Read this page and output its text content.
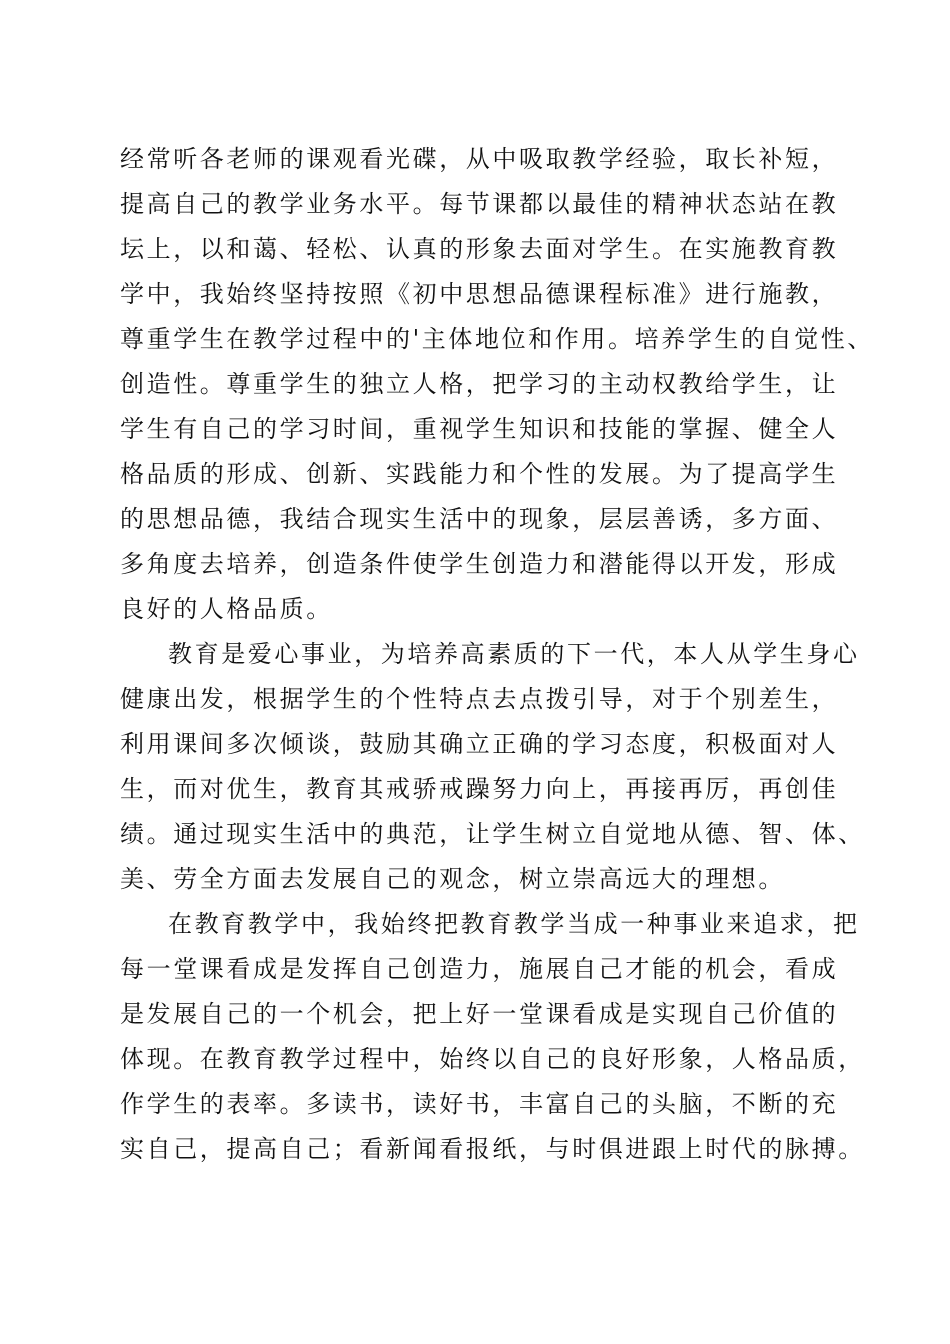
经常听各老师的课观看光碟，从中吸取教学经验，取长补短，
提高自己的教学业务水平。每节课都以最佳的精神状态站在教
坛上，以和蔼、轻松、认真的形象去面对学生。在实施教育教
学中，我始终坚持按照《初中思想品德课程标准》进行施教，
尊重学生在教学过程中的'主体地位和作用。培养学生的自觉性、
创造性。尊重学生的独立人格，把学习的主动权教给学生，让
学生有自己的学习时间，重视学生知识和技能的掌握、健全人
格品质的形成、创新、实践能力和个性的发展。为了提高学生
的思想品德，我结合现实生活中的现象，层层善诱，多方面、
多角度去培养，创造条件使学生创造力和潜能得以开发，形成
良好的人格品质。
教育是爱心事业，为培养高素质的下一代，本人从学生身心
健康出发，根据学生的个性特点去点拨引导，对于个别差生，
利用课间多次倾谈，鼓励其确立正确的学习态度，积极面对人
生，而对优生，教育其戒骄戒躁努力向上，再接再厉，再创佳
绩。通过现实生活中的典范，让学生树立自觉地从德、智、体、
美、劳全方面去发展自己的观念，树立崇高远大的理想。
在教育教学中，我始终把教育教学当成一种事业来追求，把
每一堂课看成是发挥自己创造力，施展自己才能的机会，看成
是发展自己的一个机会，把上好一堂课看成是实现自己价值的
体现。在教育教学过程中，始终以自己的良好形象，人格品质，
作学生的表率。多读书，读好书，丰富自己的头脑，不断的充
实自己，提高自己；看新闻看报纸，与时俱进跟上时代的脉搏。
